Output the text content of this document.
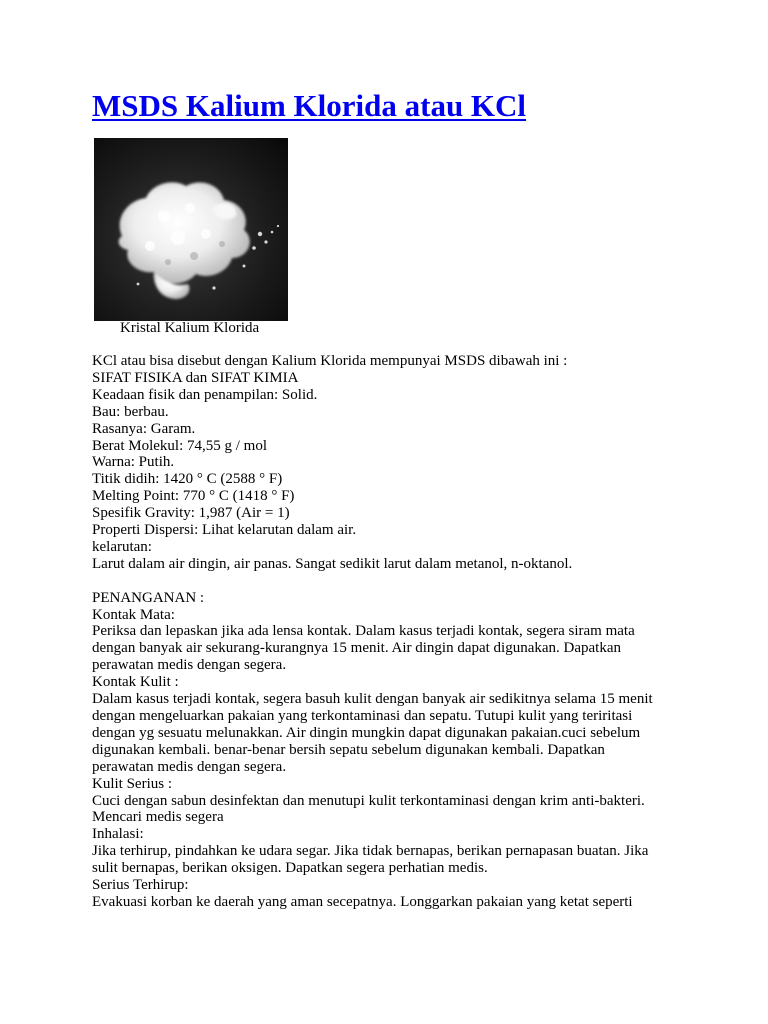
MSDS Kalium Klorida atau KCl
Kristal Kalium Klorida
KCl atau bisa disebut dengan Kalium Klorida mempunyai MSDS dibawah ini :
SIFAT FISIKA dan SIFAT KIMIA
Keadaan fisik dan penampilan: Solid.
Bau: berbau.
Rasanya: Garam.
Berat Molekul: 74,55 g / mol
Warna: Putih.
Titik didih: 1420 ° C (2588 ° F)
Melting Point: 770 ° C (1418 ° F)
Spesifik Gravity: 1,987 (Air = 1)
Properti Dispersi: Lihat kelarutan dalam air.
kelarutan:
Larut dalam air dingin, air panas. Sangat sedikit larut dalam metanol, n-oktanol.
PENANGANAN :
Kontak Mata:
Periksa dan lepaskan jika ada lensa kontak. Dalam kasus terjadi kontak, segera siram mata
dengan banyak air sekurang-kurangnya 15 menit. Air dingin dapat digunakan. Dapatkan
perawatan medis dengan segera.
Kontak Kulit :
Dalam kasus terjadi kontak, segera basuh kulit dengan banyak air sedikitnya selama 15 menit
dengan mengeluarkan pakaian yang terkontaminasi dan sepatu. Tutupi kulit yang teriritasi
dengan yg sesuatu melunakkan. Air dingin mungkin dapat digunakan pakaian.cuci sebelum
digunakan kembali. benar-benar bersih sepatu sebelum digunakan kembali. Dapatkan
perawatan medis dengan segera.
Kulit Serius :
Cuci dengan sabun desinfektan dan menutupi kulit terkontaminasi dengan krim anti-bakteri.
Mencari medis segera
Inhalasi:
Jika terhirup, pindahkan ke udara segar. Jika tidak bernapas, berikan pernapasan buatan. Jika
sulit bernapas, berikan oksigen. Dapatkan segera perhatian medis.
Serius Terhirup:
Evakuasi korban ke daerah yang aman secepatnya. Longgarkan pakaian yang ketat seperti
